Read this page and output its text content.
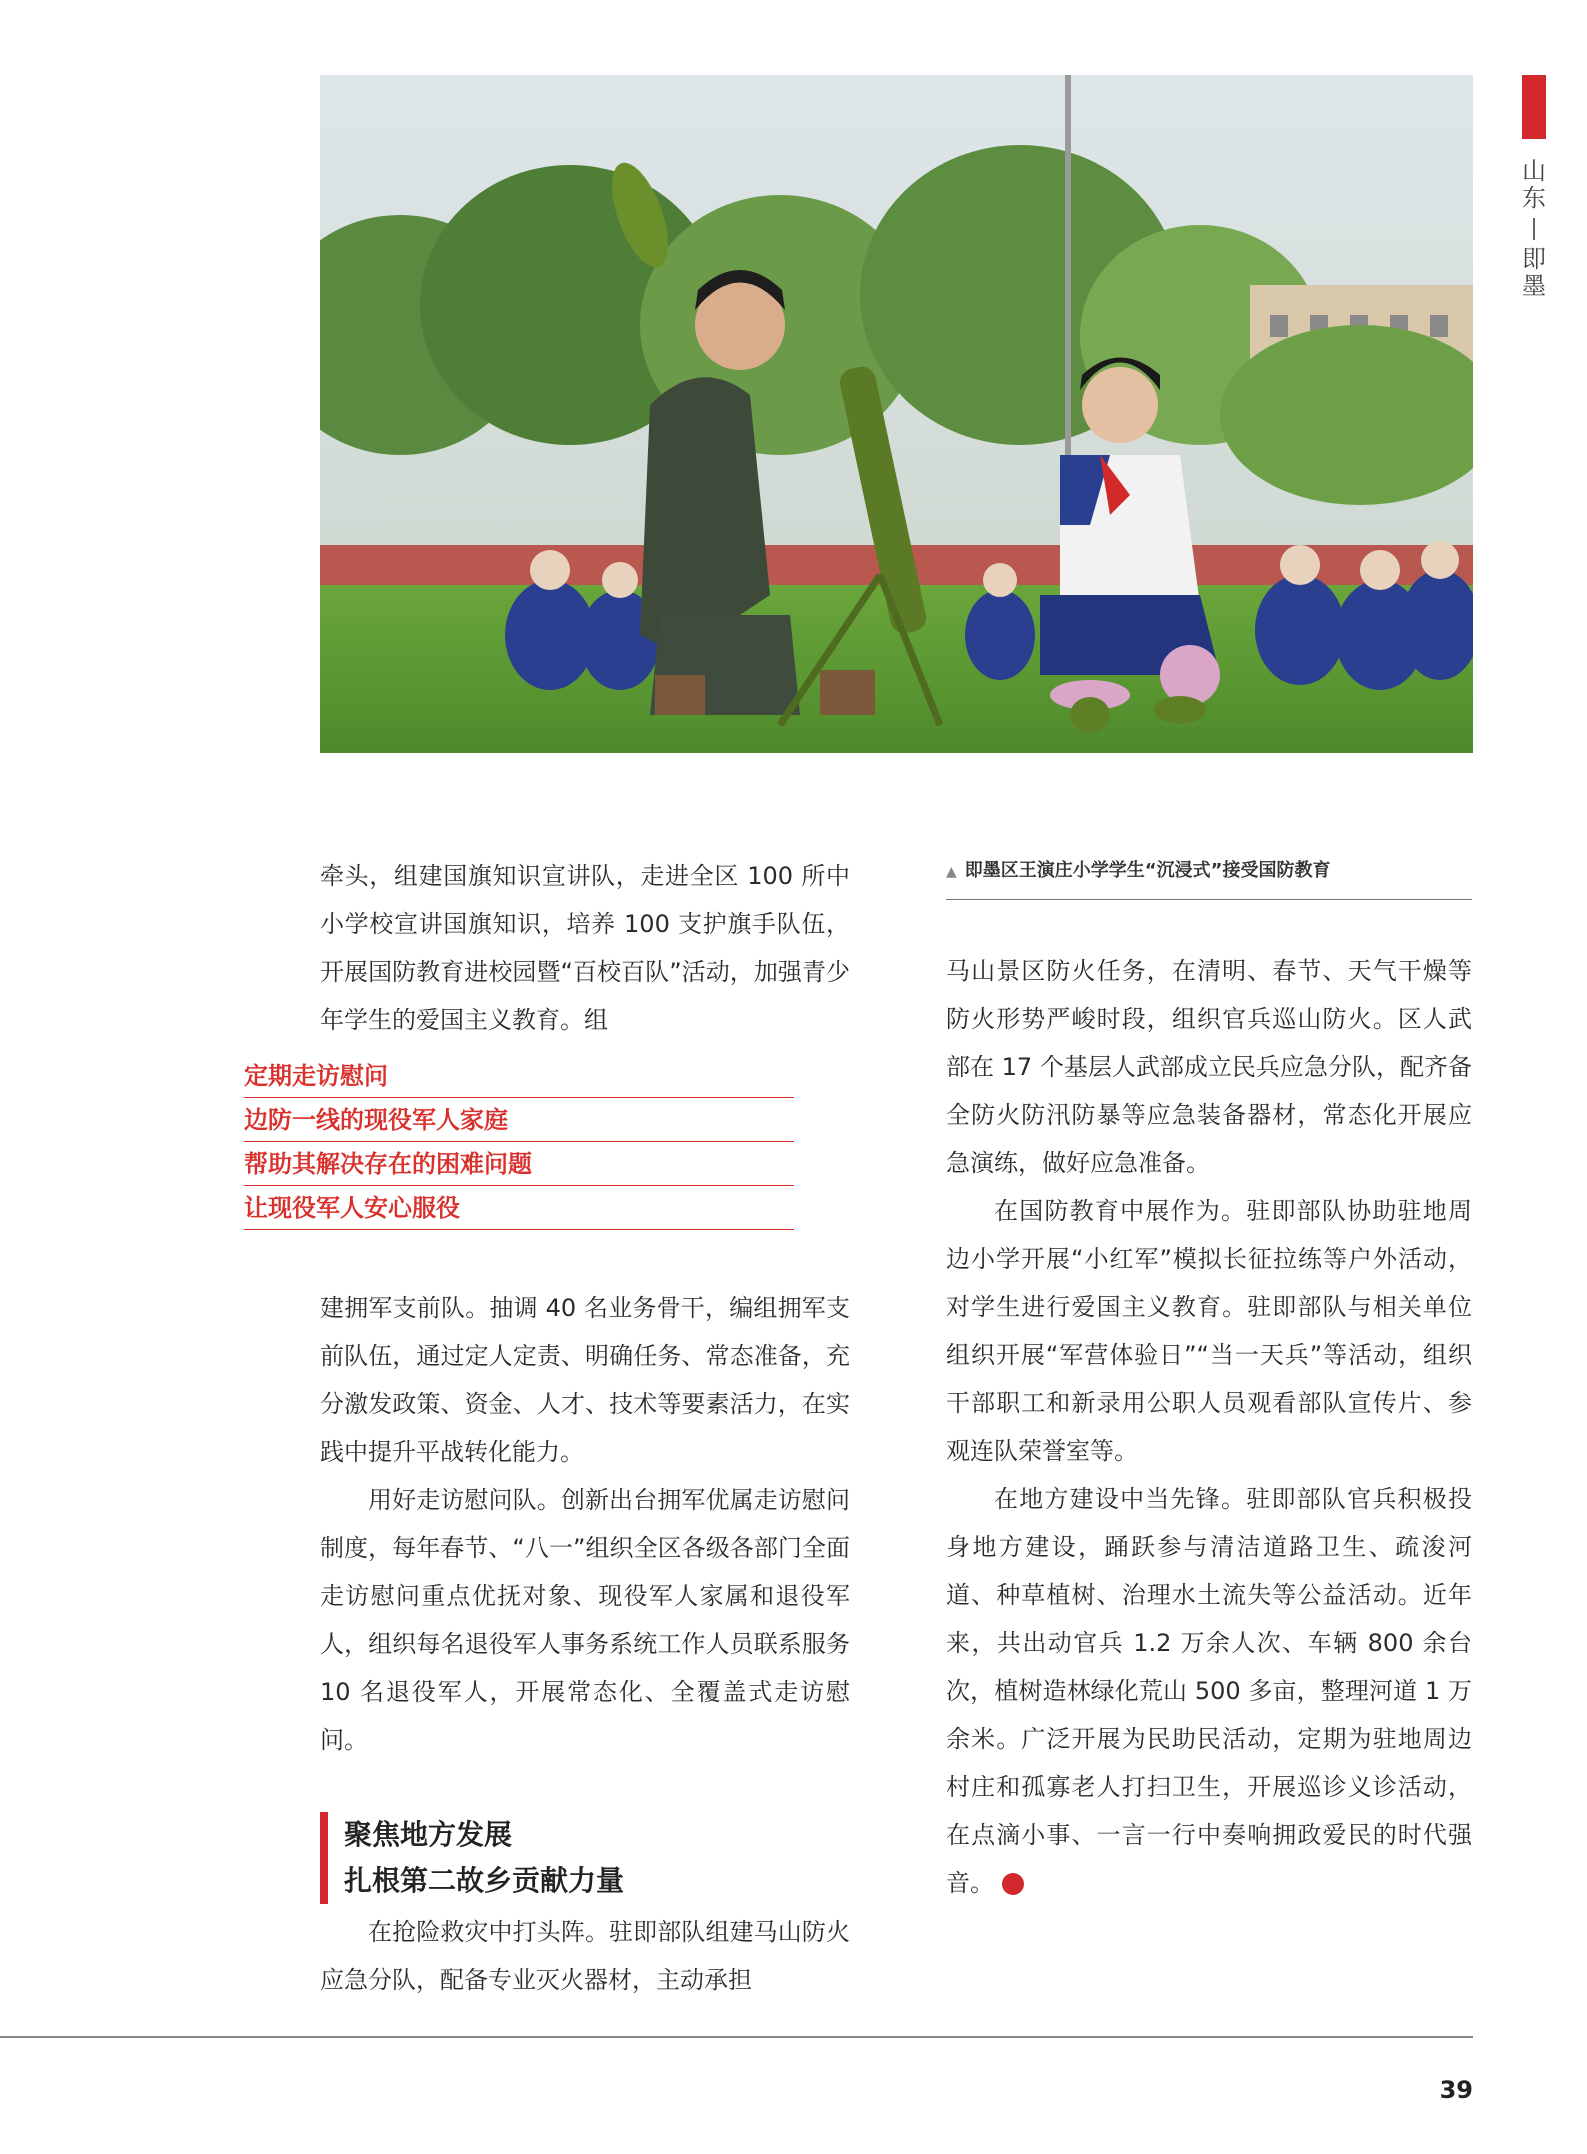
山
东
即
墨
▲ 即墨区王演庄小学学生“沉浸式”接受国防教育

牵头，组建国旗知识宣讲队，走进全区 100 所中小学校宣讲国旗知识，培养 100 支护旗手队伍，开展国防教育进校园暨“百校百队”活动，加强青少年学生的爱国主义教育。组

定期走访慰问
边防一线的现役军人家庭
帮助其解决存在的困难问题
让现役军人安心服役

建拥军支前队。抽调 40 名业务骨干，编组拥军支前队伍，通过定人定责、明确任务、常态准备，充分激发政策、资金、人才、技术等要素活力，在实践中提升平战转化能力。

用好走访慰问队。创新出台拥军优属走访慰问制度，每年春节、“八一”组织全区各级各部门全面走访慰问重点优抚对象、现役军人家属和退役军人，组织每名退役军人事务系统工作人员联系服务 10 名退役军人，开展常态化、全覆盖式走访慰问。

聚焦地方发展
扎根第二故乡贡献力量

在抢险救灾中打头阵。驻即部队组建马山防火应急分队，配备专业灭火器材，主动承担

马山景区防火任务，在清明、春节、天气干燥等防火形势严峻时段，组织官兵巡山防火。区人武部在 17 个基层人武部成立民兵应急分队，配齐备全防火防汛防暴等应急装备器材，常态化开展应急演练，做好应急准备。

在国防教育中展作为。驻即部队协助驻地周边小学开展“小红军”模拟长征拉练等户外活动，对学生进行爱国主义教育。驻即部队与相关单位组织开展“军营体验日”“当一天兵”等活动，组织干部职工和新录用公职人员观看部队宣传片、参观连队荣誉室等。

在地方建设中当先锋。驻即部队官兵积极投身地方建设，踊跃参与清洁道路卫生、疏浚河道、种草植树、治理水土流失等公益活动。近年来，共出动官兵 1.2 万余人次、车辆 800 余台次，植树造林绿化荒山 500 多亩，整理河道 1 万余米。广泛开展为民助民活动，定期为驻地周边村庄和孤寡老人打扫卫生，开展巡诊义诊活动，在点滴小事、一言一行中奏响拥政爱民的时代强音。	N

39
